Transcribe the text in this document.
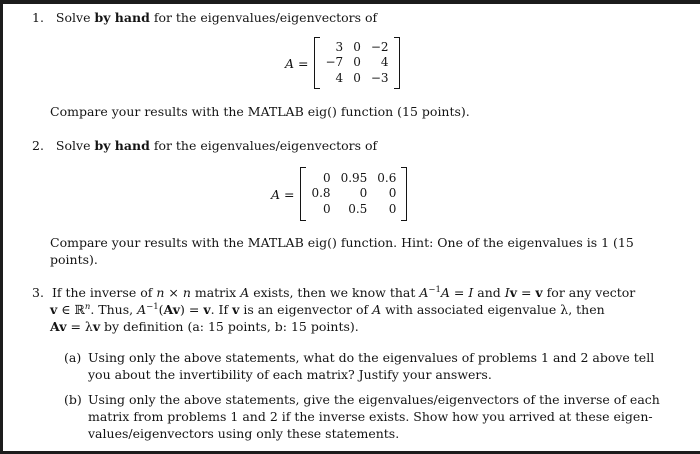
1. Solve by hand for the eigenvalues/eigenvectors of
A =
3	0	−2
−7	0	4
4	0	−3
Compare your results with the MATLAB eig() function (15 points).
2. Solve by hand for the eigenvalues/eigenvectors of
A =
0	0.95	0.6
0.8	0	0
0	0.5	0
Compare your results with the MATLAB eig() function. Hint: One of the eigenvalues is 1 (15
points).
3. If the inverse of n × n matrix A exists, then we know that $A^{-1}A = I$ and Iv = v for any vector
v ∈ ℝ$^n$. Thus, $A^{-1}(Av) = v$. If v is an eigenvector of A with associated eigenvalue λ, then
Av = λv by definition (a: 15 points, b: 15 points).
(a) Using only the above statements, what do the eigenvalues of problems 1 and 2 above tell
you about the invertibility of each matrix? Justify your answers.
(b) Using only the above statements, give the eigenvalues/eigenvectors of the inverse of each
matrix from problems 1 and 2 if the inverse exists. Show how you arrived at these eigen-
values/eigenvectors using only these statements.
